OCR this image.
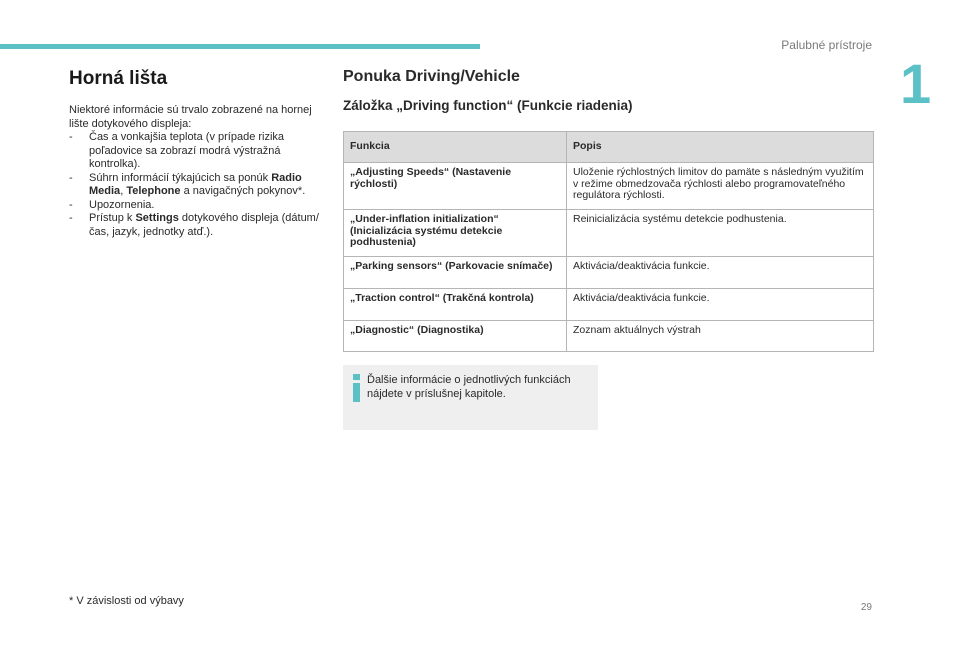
Palubné prístroje
1
Horná lišta

Niektoré informácie sú trvalo zobrazené na hornej lište dotykového displeja:

- Čas a vonkajšia teplota (v prípade rizika poľadovice sa zobrazí modrá výstražná kontrolka).
- Súhrn informácií týkajúcich sa ponúk Radio Media, Telephone a navigačných pokynov*.
- Upozornenia.
- Prístup k Settings dotykového displeja (dátum/čas, jazyk, jednotky atď.).
Ponuka Driving/Vehicle
Záložka „Driving function“ (Funkcie riadenia)
Funkcia	Popis
„Adjusting Speeds“ (Nastavenie rýchlosti)	Uloženie rýchlostných limitov do pamäte s následným využitím v režime obmedzovača rýchlosti alebo programovateľného regulátora rýchlosti.
„Under-inflation initialization“ (Inicializácia systému detekcie podhustenia)	Reinicializácia systému detekcie podhustenia.
„Parking sensors“ (Parkovacie snímače)	Aktivácia/deaktivácia funkcie.
„Traction control“ (Trakčná kontrola)	Aktivácia/deaktivácia funkcie.
„Diagnostic“ (Diagnostika)	Zoznam aktuálnych výstrah
Ďalšie informácie o jednotlivých funkciách nájdete v príslušnej kapitole.
* V závislosti od výbavy
29
